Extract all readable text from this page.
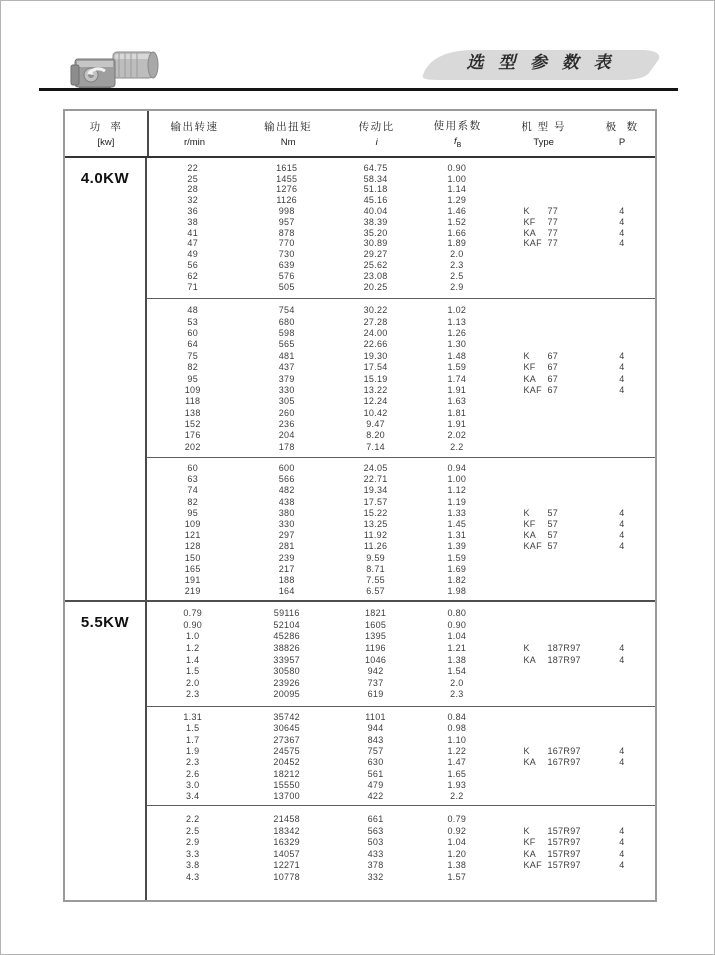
选 型 参 数 表
功  率
[kw]
输出转速
r/min
输出扭矩
Nm
传动比
i
使用系数
$f_B$
机 型 号
Type
极  数
P
4.0KW
22	1615	64.75	0.90
25	1455	58.34	1.00
28	1276	51.18	1.14
32	1126	45.16	1.29
36	998	40.04	1.46	K	77	4
38	957	38.39	1.52	KF	77	4
41	878	35.20	1.66	KA	77	4
47	770	30.89	1.89	KAF 77	4
49	730	29.27	2.0
56	639	25.62	2.3
62	576	23.08	2.5
71	505	20.25	2.9
48	754	30.22	1.02
53	680	27.28	1.13
60	598	24.00	1.26
64	565	22.66	1.30
75	481	19.30	1.48	K	67	4
82	437	17.54	1.59	KF	67	4
95	379	15.19	1.74	KA	67	4
109	330	13.22	1.91	KAF 67	4
118	305	12.24	1.63
138	260	10.42	1.81
152	236	9.47	1.91
176	204	8.20	2.02
202	178	7.14	2.2
60	600	24.05	0.94
63	566	22.71	1.00
74	482	19.34	1.12
82	438	17.57	1.19
95	380	15.22	1.33	K	57	4
109	330	13.25	1.45	KF	57	4
121	297	11.92	1.31	KA	57	4
128	281	11.26	1.39	KAF 57	4
150	239	9.59	1.59
165	217	8.71	1.69
191	188	7.55	1.82
219	164	6.57	1.98
5.5KW
0.79	59116	1821	0.80
0.90	52104	1605	0.90
1.0	45286	1395	1.04
1.2	38826	1196	1.21	K	187R97	4
1.4	33957	1046	1.38	KA	187R97	4
1.5	30580	942	1.54
2.0	23926	737	2.0
2.3	20095	619	2.3
1.31	35742	1101	0.84
1.5	30645	944	0.98
1.7	27367	843	1.10
1.9	24575	757	1.22	K	167R97	4
2.3	20452	630	1.47	KA	167R97	4
2.6	18212	561	1.65
3.0	15550	479	1.93
3.4	13700	422	2.2
2.2	21458	661	0.79
2.5	18342	563	0.92	K	157R97	4
2.9	16329	503	1.04	KF	157R97	4
3.3	14057	433	1.20	KA	157R97	4
3.8	12271	378	1.38	KAF 157R97	4
4.3	10778	332	1.57
